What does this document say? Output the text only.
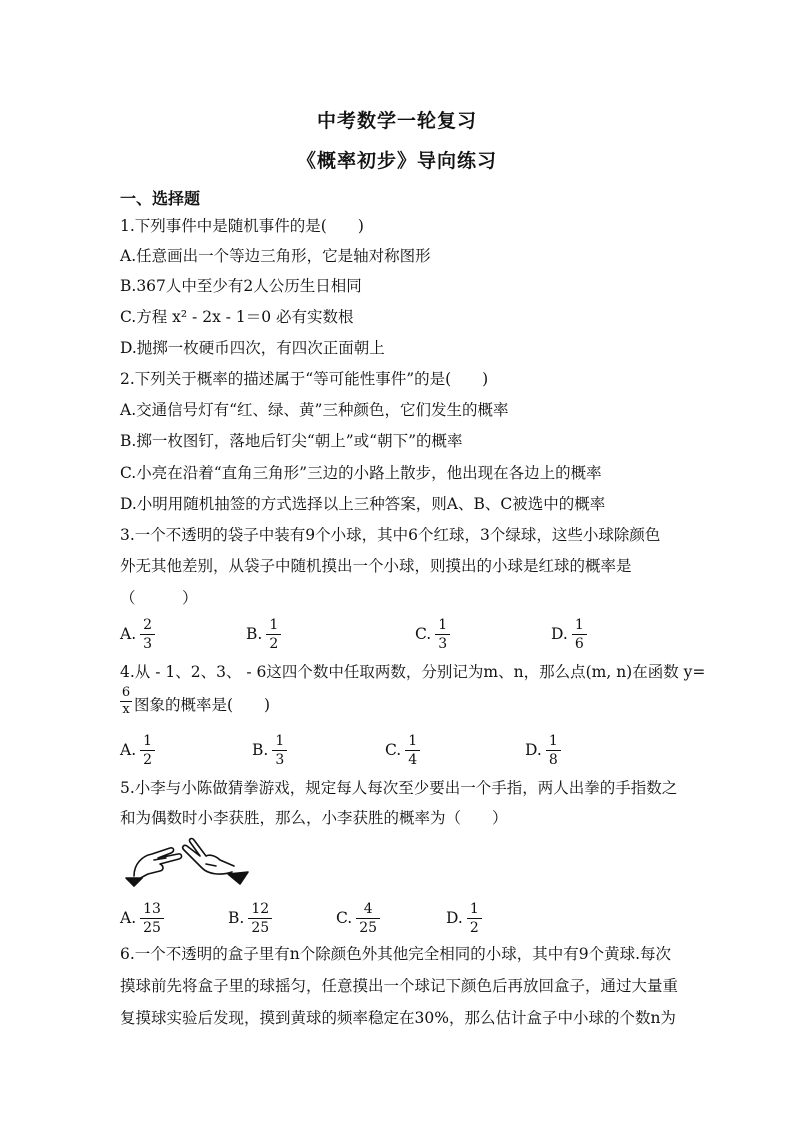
中考数学一轮复习
《概率初步》导向练习
一、选择题
1.下列事件中是随机事件的是(　　)
A.任意画出一个等边三角形，它是轴对称图形
B.367人中至少有2人公历生日相同
C.方程 x² - 2x - 1＝0 必有实数根
D.抛掷一枚硬币四次，有四次正面朝上
2.下列关于概率的描述属于“等可能性事件”的是(　　)
A.交通信号灯有“红、绿、黄”三种颜色，它们发生的概率
B.掷一枚图钉，落地后钉尖“朝上”或“朝下”的概率
C.小亮在沿着“直角三角形”三边的小路上散步，他出现在各边上的概率
D.小明用随机抽签的方式选择以上三种答案，则A、B、C被选中的概率
3.一个不透明的袋子中装有9个小球，其中6个红球，3个绿球，这些小球除颜色
外无其他差别，从袋子中随机摸出一个小球，则摸出的小球是红球的概率是
（　　　）
A. $\frac{2}{3}$	B. $\frac{1}{2}$	C. $\frac{1}{3}$	D. $\frac{1}{6}$
4.从 - 1、2、3、 - 6这四个数中任取两数，分别记为m、n，那么点(m, n)在函数 y=
6
x 图象的概率是(　　)
A. $\frac{1}{2}$	B. $\frac{1}{3}$	C. $\frac{1}{4}$	D. $\frac{1}{8}$
5.小李与小陈做猜拳游戏，规定每人每次至少要出一个手指，两人出拳的手指数之
和为偶数时小李获胜，那么，小李获胜的概率为（　　）
A. $\frac{13}{25}$	B. $\frac{12}{25}$	C. $\frac{4}{25}$	D. $\frac{1}{2}$
6.一个不透明的盒子里有n个除颜色外其他完全相同的小球，其中有9个黄球.每次
摸球前先将盒子里的球摇匀，任意摸出一个球记下颜色后再放回盒子，通过大量重
复摸球实验后发现，摸到黄球的频率稳定在30%，那么估计盒子中小球的个数n为
